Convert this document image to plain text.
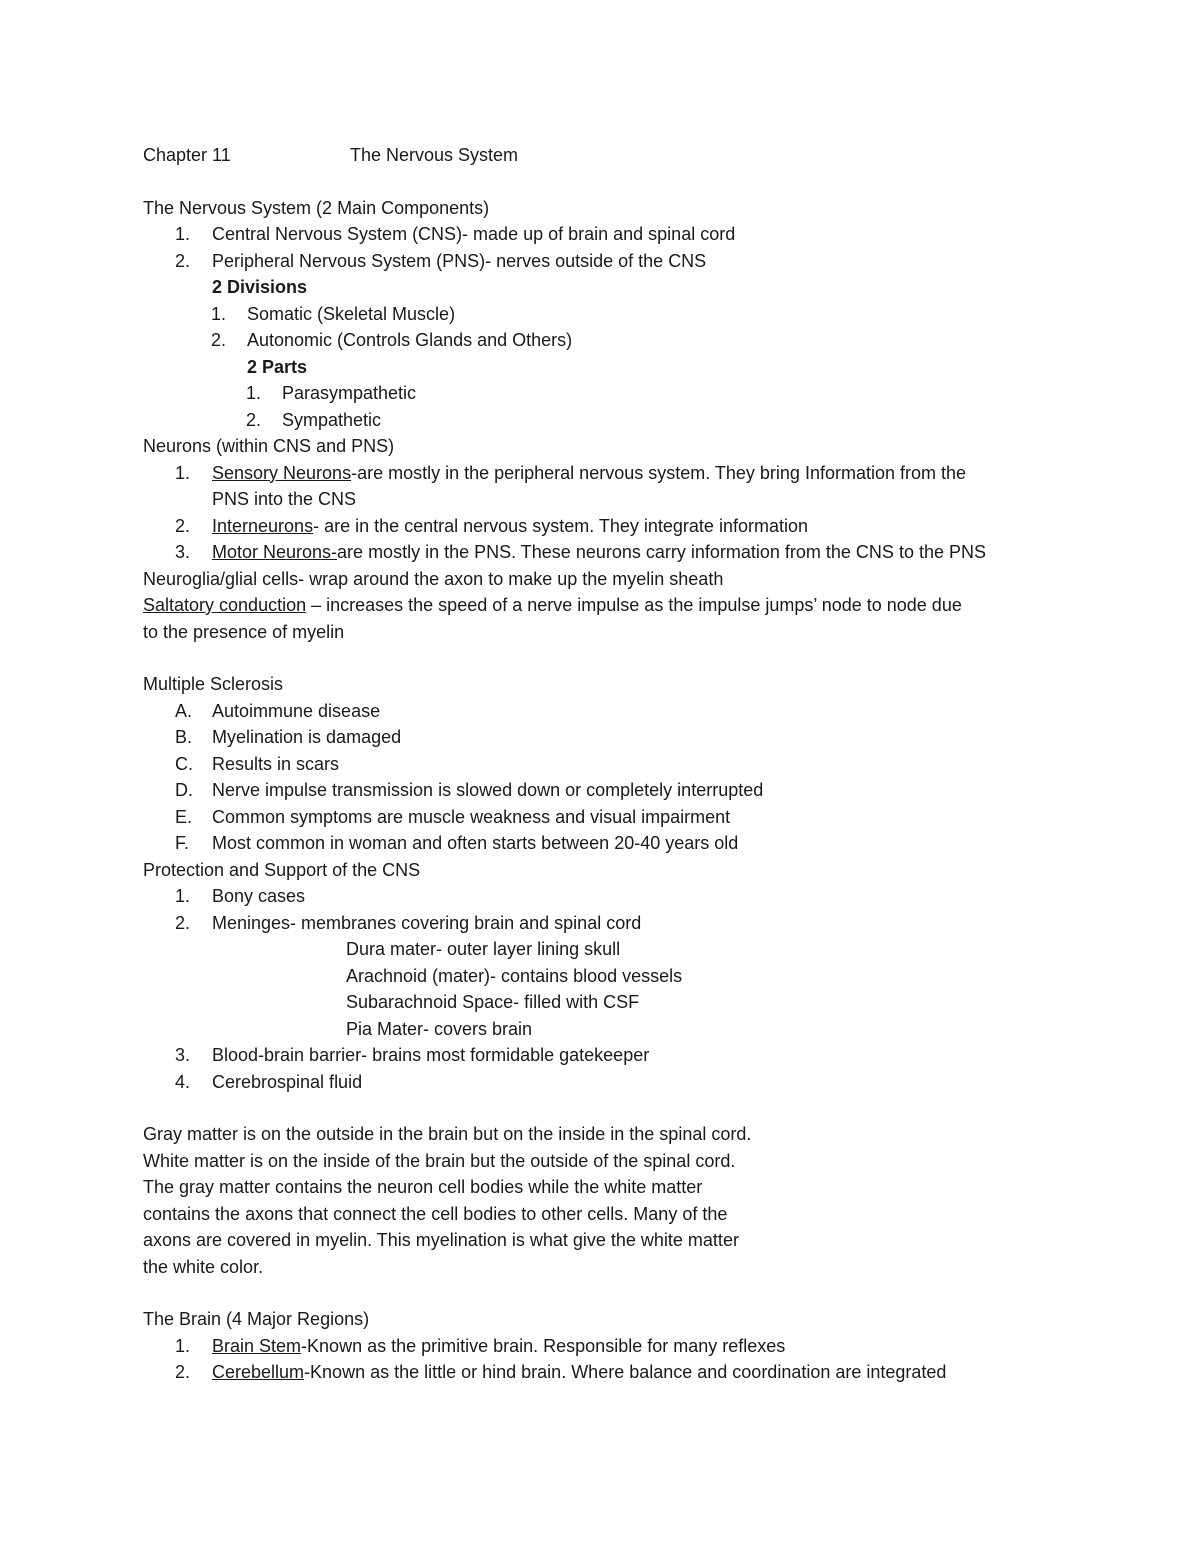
Chapter 11	The Nervous System
The Nervous System (2 Main Components)
1. Central Nervous System (CNS)- made up of brain and spinal cord
2. Peripheral Nervous System (PNS)- nerves outside of the CNS
2 Divisions
1. Somatic (Skeletal Muscle)
2. Autonomic (Controls Glands and Others)
2 Parts
1. Parasympathetic
2. Sympathetic
Neurons (within CNS and PNS)
1. Sensory Neurons-are mostly in the peripheral nervous system. They bring Information from the
PNS into the CNS
2. Interneurons- are in the central nervous system. They integrate information
3. Motor Neurons-are mostly in the PNS. These neurons carry information from the CNS to the PNS
Neuroglia/glial cells- wrap around the axon to make up the myelin sheath
Saltatory conduction – increases the speed of a nerve impulse as the impulse jumps’ node to node due
to the presence of myelin
Multiple Sclerosis
A. Autoimmune disease
B. Myelination is damaged
C. Results in scars
D. Nerve impulse transmission is slowed down or completely interrupted
E. Common symptoms are muscle weakness and visual impairment
F. Most common in woman and often starts between 20-40 years old
Protection and Support of the CNS
1. Bony cases
2. Meninges- membranes covering brain and spinal cord
Dura mater- outer layer lining skull
Arachnoid (mater)- contains blood vessels
Subarachnoid Space- filled with CSF
Pia Mater- covers brain
3. Blood-brain barrier- brains most formidable gatekeeper
4. Cerebrospinal fluid
Gray matter is on the outside in the brain but on the inside in the spinal cord.
White matter is on the inside of the brain but the outside of the spinal cord.
The gray matter contains the neuron cell bodies while the white matter
contains the axons that connect the cell bodies to other cells. Many of the
axons are covered in myelin. This myelination is what give the white matter
the white color.
The Brain (4 Major Regions)
1. Brain Stem-Known as the primitive brain. Responsible for many reflexes
2. Cerebellum-Known as the little or hind brain. Where balance and coordination are integrated
